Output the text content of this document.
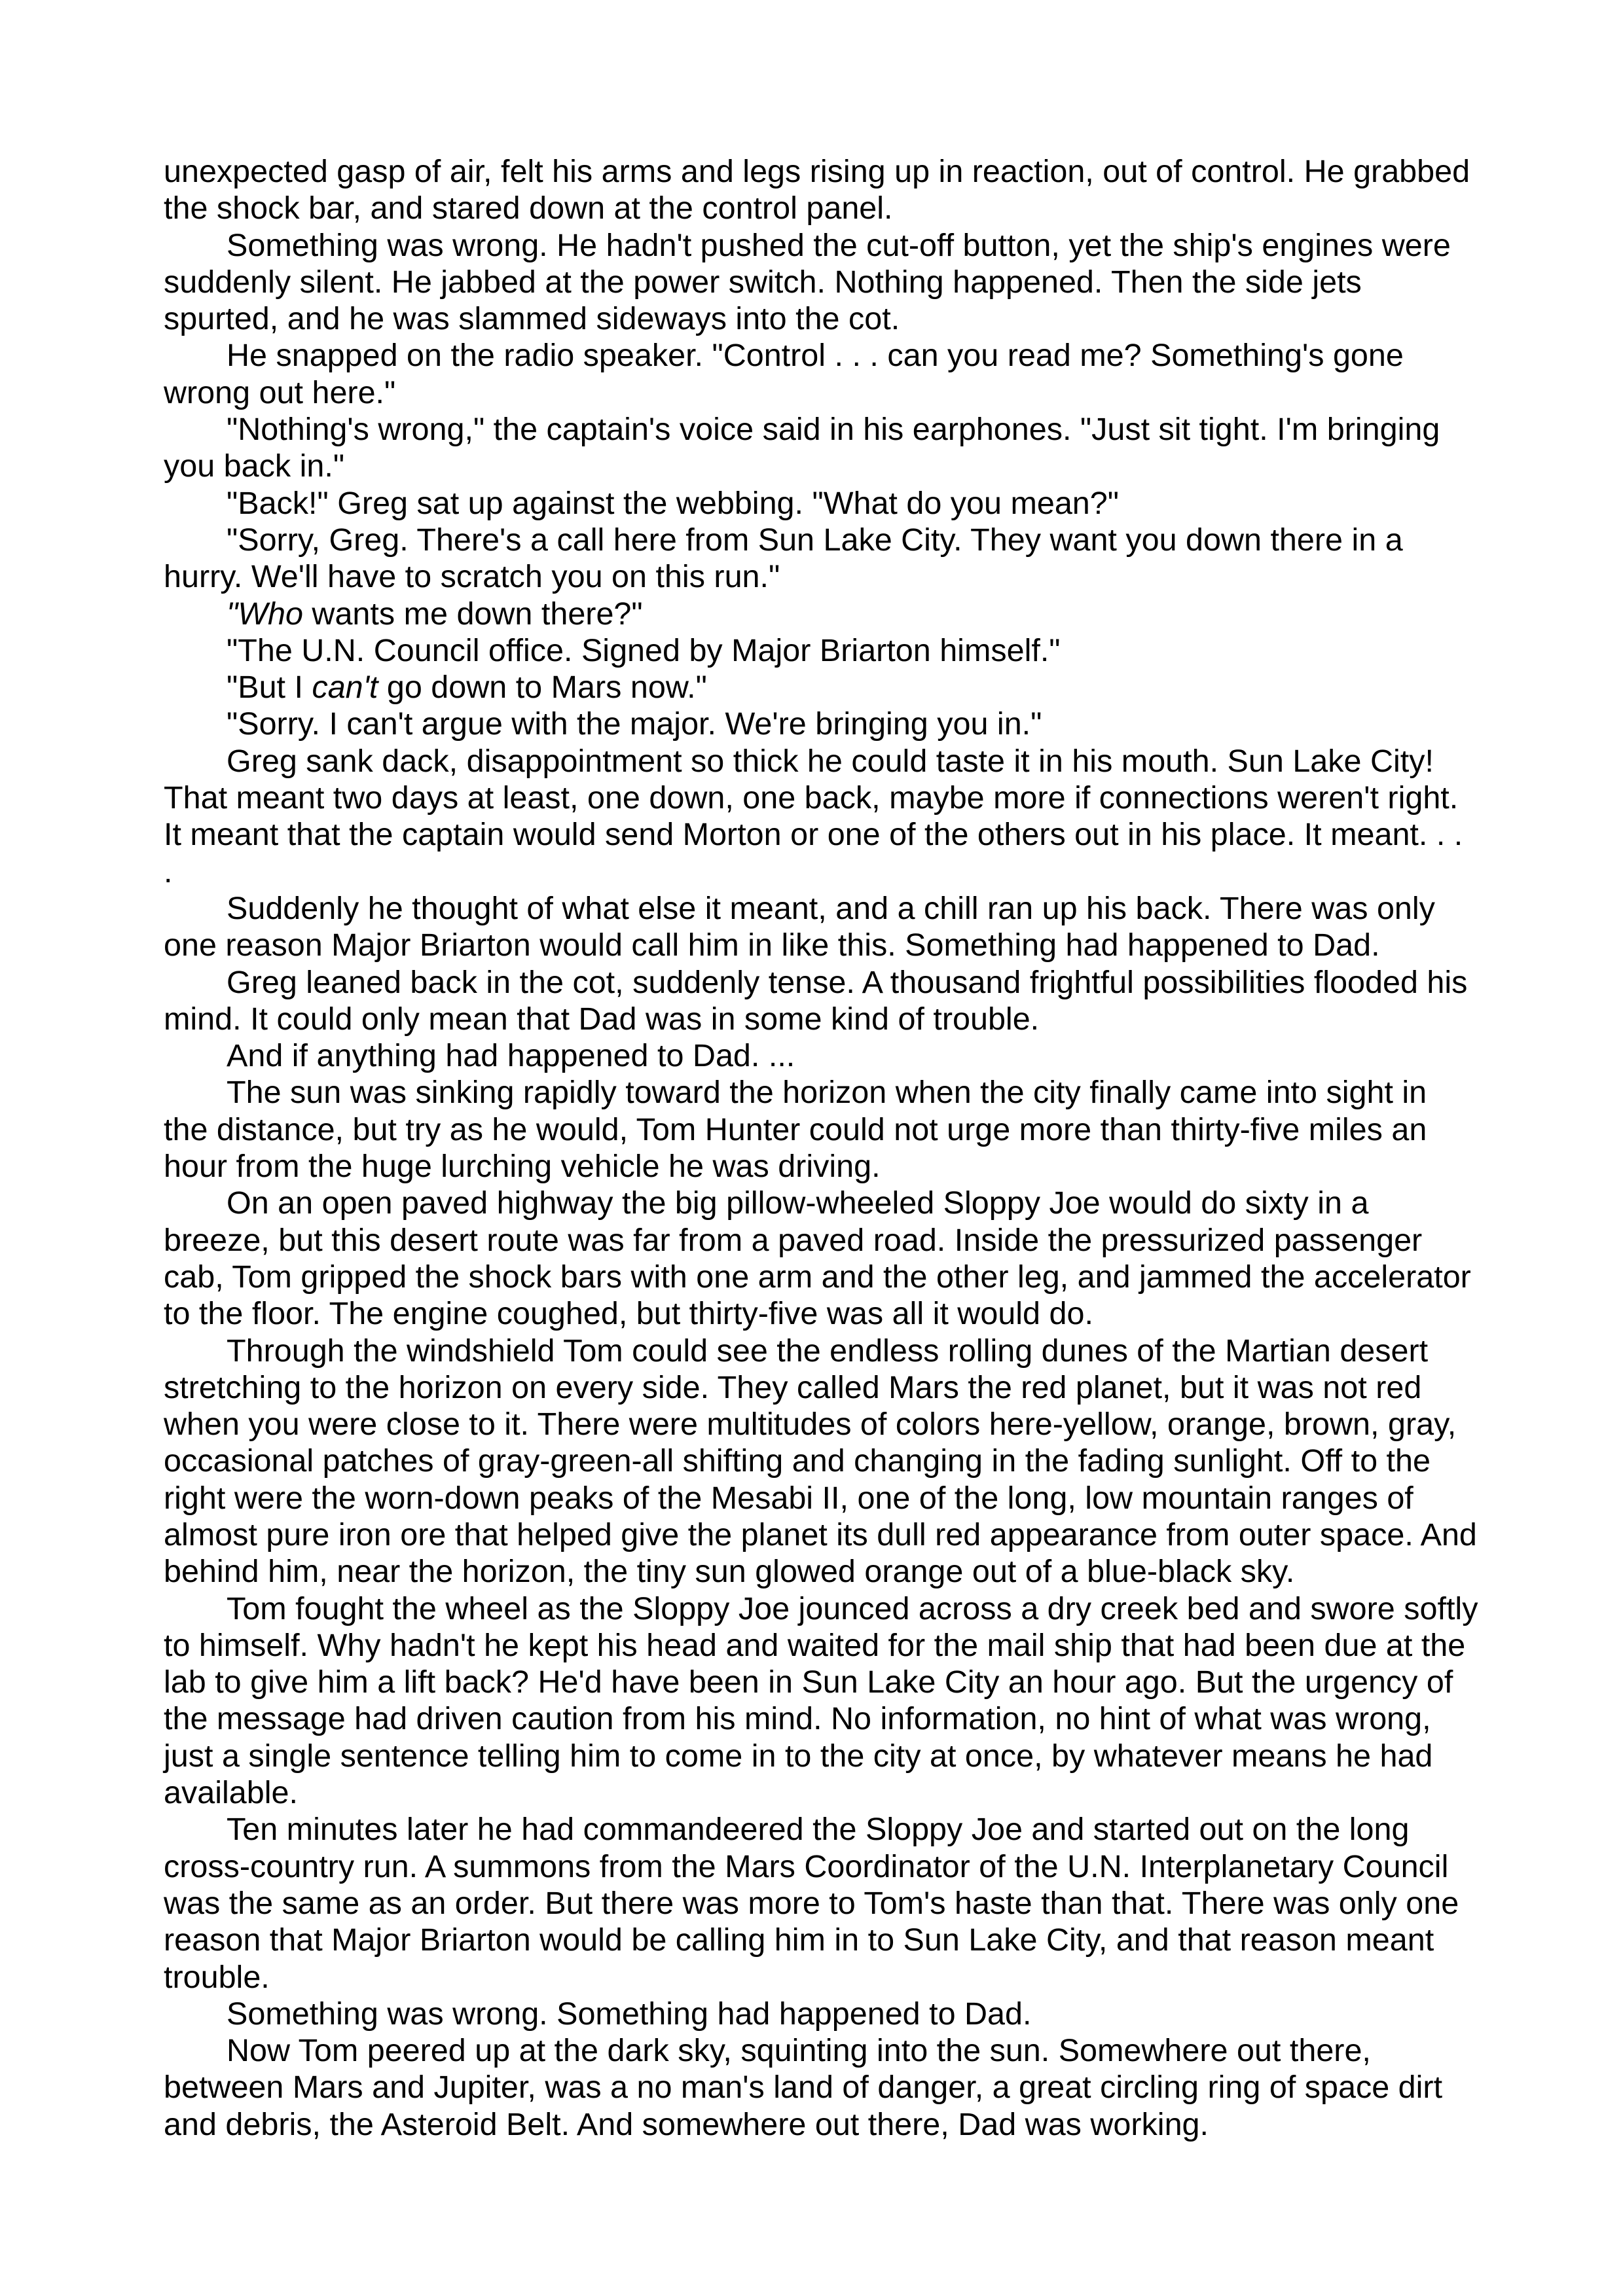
unexpected gasp of air, felt his arms and legs rising up in reaction, out of control. He grabbed the shock bar, and stared down at the control panel.

Something was wrong. He hadn't pushed the cut-off button, yet the ship's engines were suddenly silent. He jabbed at the power switch. Nothing happened. Then the side jets spurted, and he was slammed sideways into the cot.

He snapped on the radio speaker. "Control . . . can you read me? Something's gone wrong out here."

"Nothing's wrong," the captain's voice said in his earphones. "Just sit tight. I'm bringing you back in."

"Back!" Greg sat up against the webbing. "What do you mean?"

"Sorry, Greg. There's a call here from Sun Lake City. They want you down there in a hurry. We'll have to scratch you on this run."

"Who wants me down there?"

"The U.N. Council office. Signed by Major Briarton himself."

"But I can't go down to Mars now."

"Sorry. I can't argue with the major. We're bringing you in."

Greg sank dack, disappointment so thick he could taste it in his mouth. Sun Lake City! That meant two days at least, one down, one back, maybe more if connections weren't right. It meant that the captain would send Morton or one of the others out in his place. It meant. . . .

Suddenly he thought of what else it meant, and a chill ran up his back. There was only one reason Major Briarton would call him in like this. Something had happened to Dad.

Greg leaned back in the cot, suddenly tense. A thousand frightful possibilities flooded his mind. It could only mean that Dad was in some kind of trouble.

And if anything had happened to Dad. ...

The sun was sinking rapidly toward the horizon when the city finally came into sight in the distance, but try as he would, Tom Hunter could not urge more than thirty-five miles an hour from the huge lurching vehicle he was driving.

On an open paved highway the big pillow-wheeled Sloppy Joe would do sixty in a breeze, but this desert route was far from a paved road. Inside the pressurized passenger cab, Tom gripped the shock bars with one arm and the other leg, and jammed the accelerator to the floor. The engine coughed, but thirty-five was all it would do.

Through the windshield Tom could see the endless rolling dunes of the Martian desert stretching to the horizon on every side. They called Mars the red planet, but it was not red when you were close to it. There were multitudes of colors here-yellow, orange, brown, gray, occasional patches of gray-green-all shifting and changing in the fading sunlight. Off to the right were the worn-down peaks of the Mesabi II, one of the long, low mountain ranges of almost pure iron ore that helped give the planet its dull red appearance from outer space. And behind him, near the horizon, the tiny sun glowed orange out of a blue-black sky.

Tom fought the wheel as the Sloppy Joe jounced across a dry creek bed and swore softly to himself. Why hadn't he kept his head and waited for the mail ship that had been due at the lab to give him a lift back? He'd have been in Sun Lake City an hour ago. But the urgency of the message had driven caution from his mind. No information, no hint of what was wrong, just a single sentence telling him to come in to the city at once, by whatever means he had available.

Ten minutes later he had commandeered the Sloppy Joe and started out on the long cross-country run. A summons from the Mars Coordinator of the U.N. Interplanetary Council was the same as an order. But there was more to Tom's haste than that. There was only one reason that Major Briarton would be calling him in to Sun Lake City, and that reason meant trouble.

Something was wrong. Something had happened to Dad.

Now Tom peered up at the dark sky, squinting into the sun. Somewhere out there, between Mars and Jupiter, was a no man's land of danger, a great circling ring of space dirt and debris, the Asteroid Belt. And somewhere out there, Dad was working.
